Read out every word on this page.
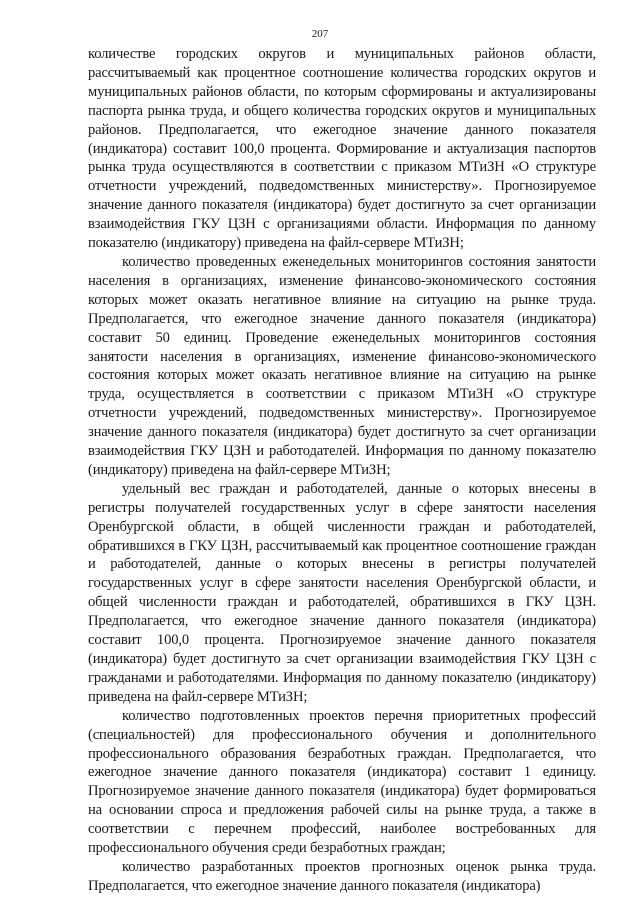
207

количестве городских округов и муниципальных районов области, рассчитываемый как процентное соотношение количества городских округов и муниципальных районов области, по которым сформированы и актуализированы паспорта рынка труда, и общего количества городских округов и муниципальных районов. Предполагается, что ежегодное значение данного показателя (индикатора) составит 100,0 процента. Формирование и актуализация паспортов рынка труда осуществляются в соответствии с приказом МТиЗН «О структуре отчетности учреждений, подведомственных министерству». Прогнозируемое значение данного показателя (индикатора) будет достигнуто за счет организации взаимодействия ГКУ ЦЗН с организациями области. Информация по данному показателю (индикатору) приведена на файл-сервере МТиЗН;

количество проведенных еженедельных мониторингов состояния занятости населения в организациях, изменение финансово-экономического состояния которых может оказать негативное влияние на ситуацию на рынке труда. Предполагается, что ежегодное значение данного показателя (индикатора) составит 50 единиц. Проведение еженедельных мониторингов состояния занятости населения в организациях, изменение финансово-экономического состояния которых может оказать негативное влияние на ситуацию на рынке труда, осуществляется в соответствии с приказом МТиЗН «О структуре отчетности учреждений, подведомственных министерству». Прогнозируемое значение данного показателя (индикатора) будет достигнуто за счет организации взаимодействия ГКУ ЦЗН и работодателей. Информация по данному показателю (индикатору) приведена на файл-сервере МТиЗН;

удельный вес граждан и работодателей, данные о которых внесены в регистры получателей государственных услуг в сфере занятости населения Оренбургской области, в общей численности граждан и работодателей, обратившихся в ГКУ ЦЗН, рассчитываемый как процентное соотношение граждан и работодателей, данные о которых внесены в регистры получателей государственных услуг в сфере занятости населения Оренбургской области, и общей численности граждан и работодателей, обратившихся в ГКУ ЦЗН. Предполагается, что ежегодное значение данного показателя (индикатора) составит 100,0 процента. Прогнозируемое значение данного показателя (индикатора) будет достигнуто за счет организации взаимодействия ГКУ ЦЗН с гражданами и работодателями. Информация по данному показателю (индикатору) приведена на файл-сервере МТиЗН;

количество подготовленных проектов перечня приоритетных профессий (специальностей) для профессионального обучения и дополнительного профессионального образования безработных граждан. Предполагается, что ежегодное значение данного показателя (индикатора) составит 1 единицу. Прогнозируемое значение данного показателя (индикатора) будет формироваться на основании спроса и предложения рабочей силы на рынке труда, а также в соответствии с перечнем профессий, наиболее востребованных для профессионального обучения среди безработных граждан;

количество разработанных проектов прогнозных оценок рынка труда. Предполагается, что ежегодное значение данного показателя (индикатора)
